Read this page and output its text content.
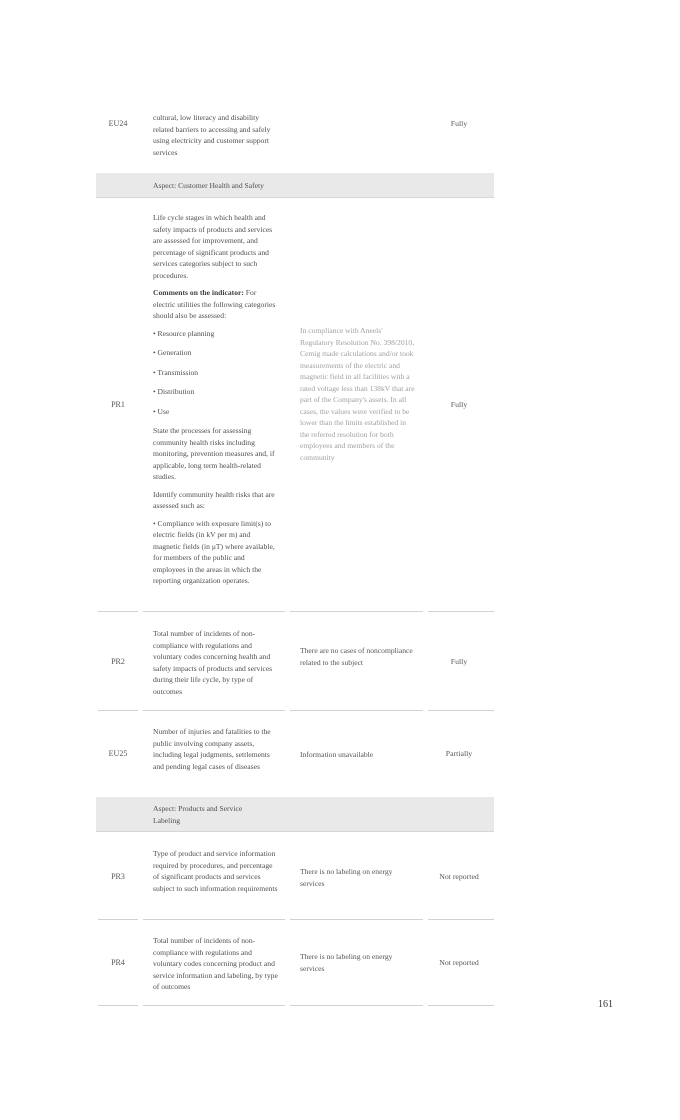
EU24
cultural, low literacy and disability related barriers to accessing and safely using electricity and customer support services
Fully
Aspect: Customer Health and Safety
PR1

Life cycle stages in which health and safety impacts of products and services are assessed for improvement, and percentage of significant products and services categories subject to such procedures.

Comments on the indicator: For electric utilities the following categories should also be assessed:

• Resource planning

• Generation

• Transmission

• Distribution

• Use

State the processes for assessing community health risks including monitoring, prevention measures and, if applicable, long term health-related studies.

Identify community health risks that are assessed such as:

• Compliance with exposure limit(s) to electric fields (in kV per m) and magnetic fields (in μT) where available, for members of the public and employees in the areas in which the reporting organization operates.

In compliance with Aneels' Regulatory Resolution No. 398/2010, Cemig made calculations and/or took measurements of the electric and magnetic field in all facilities with a rated voltage less than 138kV that are part of the Company's assets. In all cases, the values were verified to be lower than the limits established in the referred resolution for both employees and members of the community
Fully
PR2
Total number of incidents of non-compliance with regulations and voluntary codes concerning health and safety impacts of products and services during their life cycle, by type of outcomes
There are no cases of noncompliance related to the subject	Fully
EU25
Number of injuries and fatalities to the public involving company assets, including legal judgments, settlements and pending legal cases of diseases
Information unavailable	Partially
Aspect: Products and Service Labeling
PR3
Type of product and service information required by procedures, and percentage of significant products and services subject to such information requirements
There is no labeling on energy services
Not reported
PR4
Total number of incidents of non-compliance with regulations and voluntary codes concerning product and service information and labeling, by type of outcomes
There is no labeling on energy services
Not reported
161
